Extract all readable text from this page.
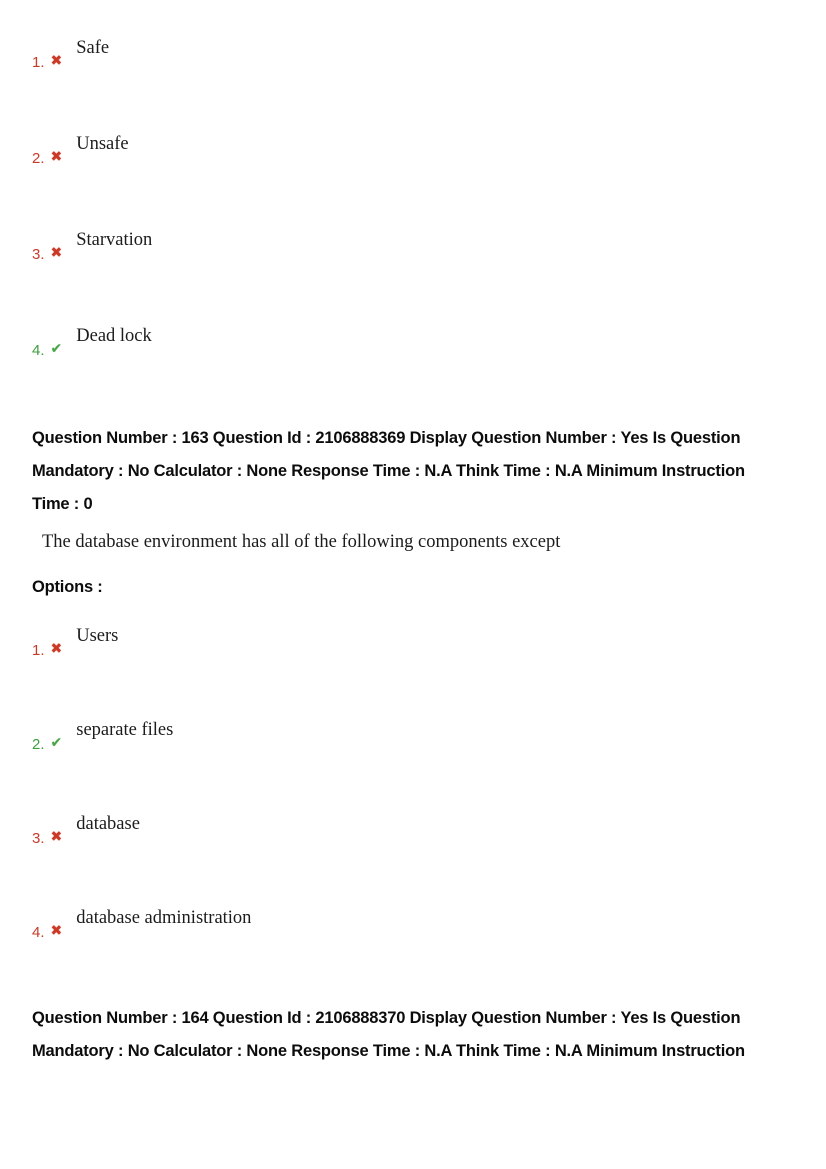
1. ✖
Safe
2. ✖
Unsafe
3. ✖
Starvation
4. ✔
Dead lock
Question Number : 163 Question Id : 2106888369 Display Question Number : Yes Is Question
Mandatory : No Calculator : None Response Time : N.A Think Time : N.A Minimum Instruction
Time : 0
The database environment has all of the following components except
Options :
1. ✖
Users
2. ✔
separate files
3. ✖
database
4. ✖
database administration
Question Number : 164 Question Id : 2106888370 Display Question Number : Yes Is Question
Mandatory : No Calculator : None Response Time : N.A Think Time : N.A Minimum Instruction
